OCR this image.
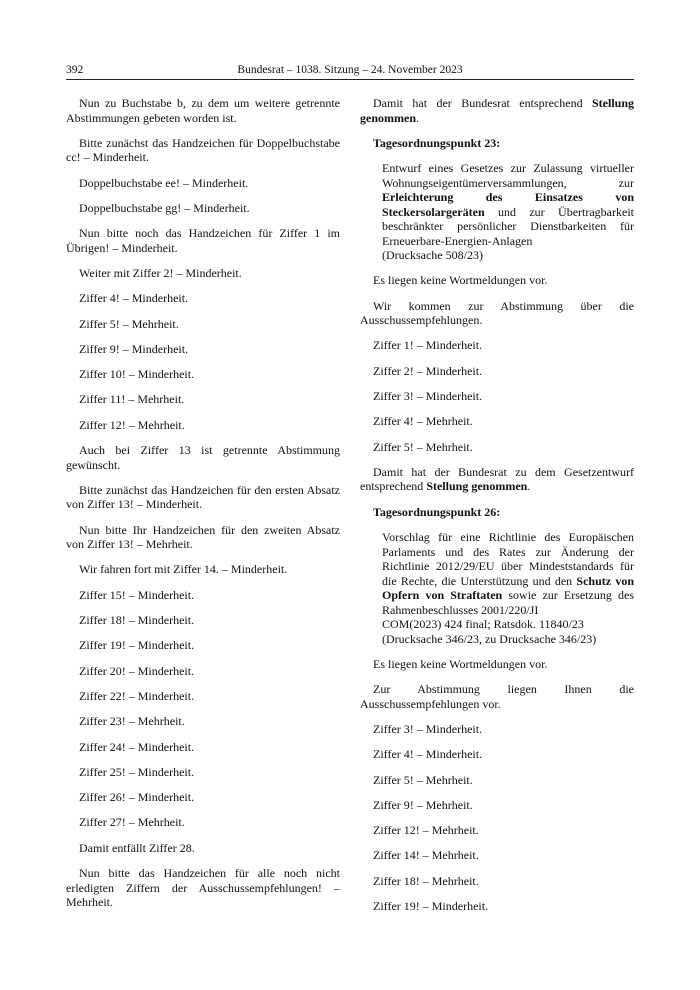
392	Bundesrat – 1038. Sitzung – 24. November 2023

Nun zu Buchstabe b, zu dem um weitere getrennte Abstimmungen gebeten worden ist.

Bitte zunächst das Handzeichen für Doppelbuchstabe cc! – Minderheit.

Doppelbuchstabe ee! – Minderheit.

Doppelbuchstabe gg! – Minderheit.

Nun bitte noch das Handzeichen für Ziffer 1 im Übrigen! – Minderheit.

Weiter mit Ziffer 2! – Minderheit.

Ziffer 4! – Minderheit.

Ziffer 5! – Mehrheit.

Ziffer 9! – Minderheit.

Ziffer 10! – Minderheit.

Ziffer 11! – Mehrheit.

Ziffer 12! – Mehrheit.

Auch bei Ziffer 13 ist getrennte Abstimmung gewünscht.

Bitte zunächst das Handzeichen für den ersten Absatz von Ziffer 13! – Minderheit.

Nun bitte Ihr Handzeichen für den zweiten Absatz von Ziffer 13! – Mehrheit.

Wir fahren fort mit Ziffer 14. – Minderheit.

Ziffer 15! – Minderheit.

Ziffer 18! – Minderheit.

Ziffer 19! – Minderheit.

Ziffer 20! – Minderheit.

Ziffer 22! – Minderheit.

Ziffer 23! – Mehrheit.

Ziffer 24! – Minderheit.

Ziffer 25! – Minderheit.

Ziffer 26! – Minderheit.

Ziffer 27! – Mehrheit.

Damit entfällt Ziffer 28.

Nun bitte das Handzeichen für alle noch nicht erledigten Ziffern der Ausschussempfehlungen! – Mehrheit.

Damit hat der Bundesrat entsprechend Stellung genommen.

Tagesordnungspunkt 23:

Entwurf eines Gesetzes zur Zulassung virtueller Wohnungseigentümerversammlungen, zur Erleichterung des Einsatzes von Steckersolargeräten und zur Übertragbarkeit beschränkter persönlicher Dienstbarkeiten für Erneuerbare-Energien-Anlagen
(Drucksache 508/23)

Es liegen keine Wortmeldungen vor.

Wir kommen zur Abstimmung über die Ausschussempfehlungen.

Ziffer 1! – Minderheit.

Ziffer 2! – Minderheit.

Ziffer 3! – Minderheit.

Ziffer 4! – Mehrheit.

Ziffer 5! – Mehrheit.

Damit hat der Bundesrat zu dem Gesetzentwurf entsprechend Stellung genommen.

Tagesordnungspunkt 26:

Vorschlag für eine Richtlinie des Europäischen Parlaments und des Rates zur Änderung der Richtlinie 2012/29/EU über Mindeststandards für die Rechte, die Unterstützung und den Schutz von Opfern von Straftaten sowie zur Ersetzung des Rahmenbeschlusses 2001/220/JI
COM(2023) 424 final; Ratsdok. 11840/23
(Drucksache 346/23, zu Drucksache 346/23)

Es liegen keine Wortmeldungen vor.

Zur Abstimmung liegen Ihnen die Ausschussempfehlungen vor.

Ziffer 3! – Minderheit.

Ziffer 4! – Minderheit.

Ziffer 5! – Mehrheit.

Ziffer 9! – Mehrheit.

Ziffer 12! – Mehrheit.

Ziffer 14! – Mehrheit.

Ziffer 18! – Mehrheit.

Ziffer 19! – Minderheit.
